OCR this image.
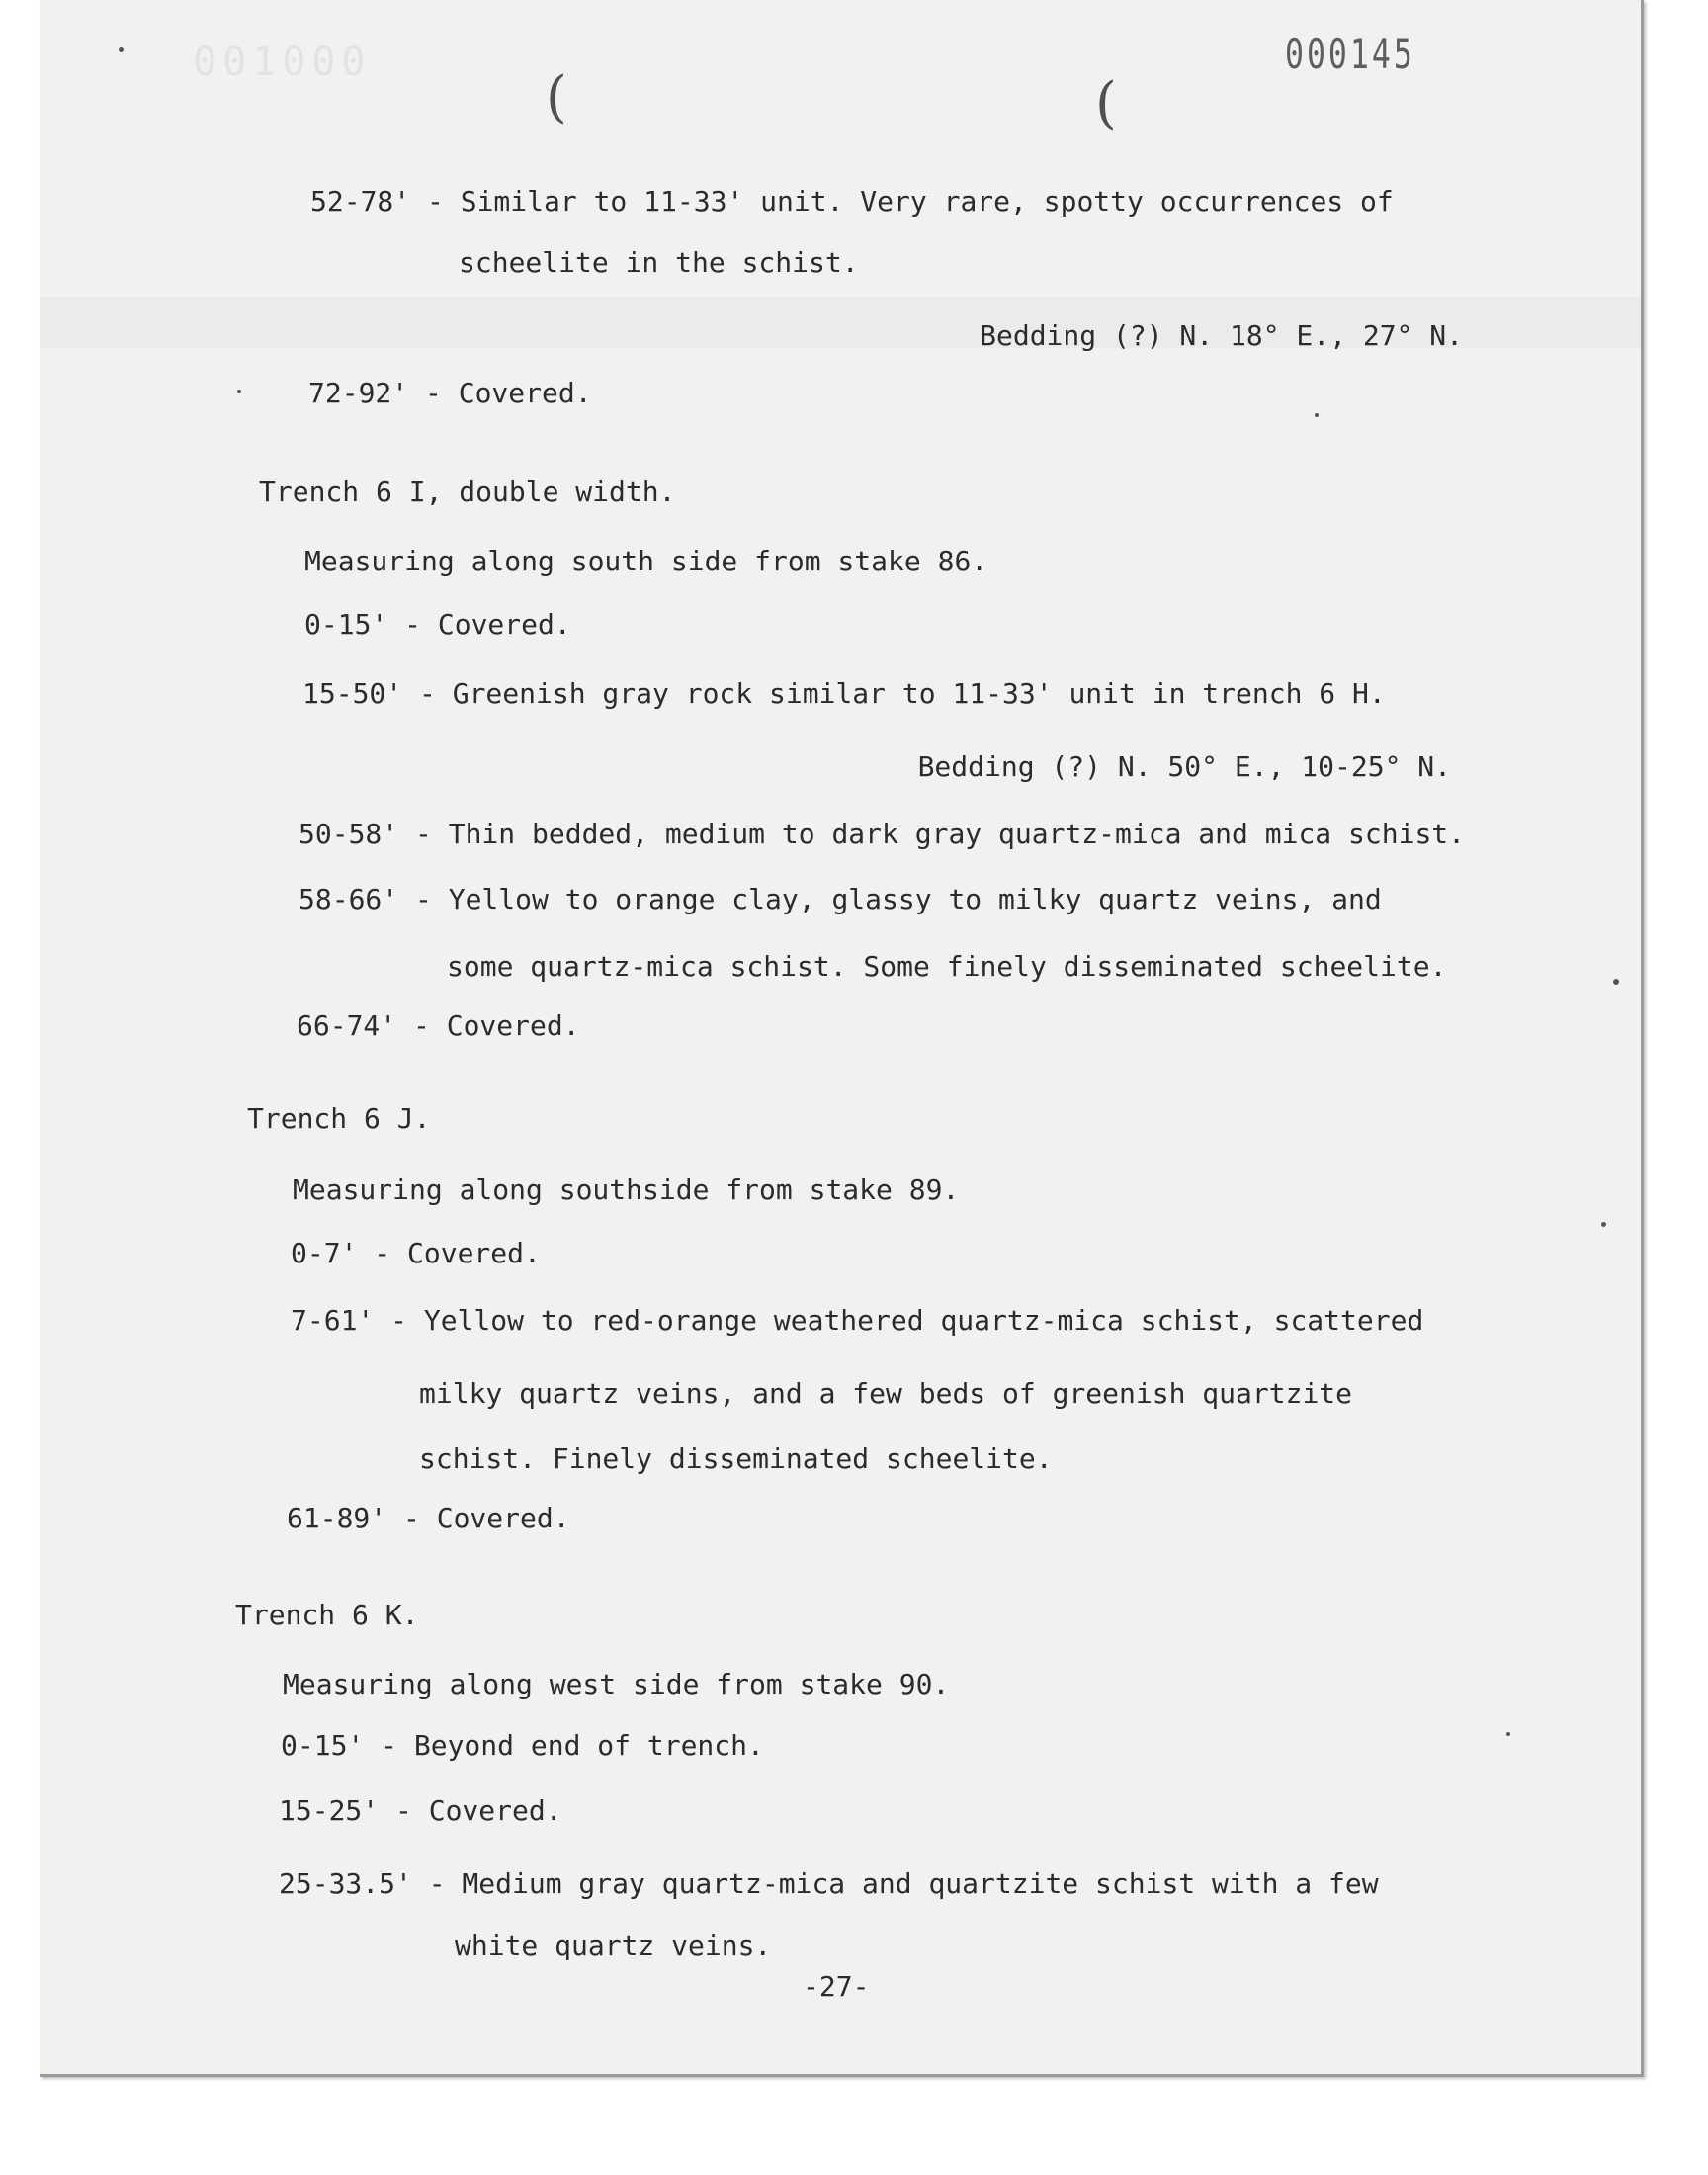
001000	000145
(	(
52-78' - Similar to 11-33' unit. Very rare, spotty occurrences of
scheelite in the schist.
Bedding (?) N. 18° E., 27° N.
72-92' - Covered.
Trench 6 I, double width.
Measuring along south side from stake 86.
0-15' - Covered.
15-50' - Greenish gray rock similar to 11-33' unit in trench 6 H.
Bedding (?) N. 50° E., 10-25° N.
50-58' - Thin bedded, medium to dark gray quartz-mica and mica schist.
58-66' - Yellow to orange clay, glassy to milky quartz veins, and
some quartz-mica schist. Some finely disseminated scheelite.
66-74' - Covered.
Trench 6 J.
Measuring along southside from stake 89.
0-7' - Covered.
7-61' - Yellow to red-orange weathered quartz-mica schist, scattered
milky quartz veins, and a few beds of greenish quartzite
schist. Finely disseminated scheelite.
61-89' - Covered.
Trench 6 K.
Measuring along west side from stake 90.
0-15' - Beyond end of trench.
15-25' - Covered.
25-33.5' - Medium gray quartz-mica and quartzite schist with a few
white quartz veins.
-27-
